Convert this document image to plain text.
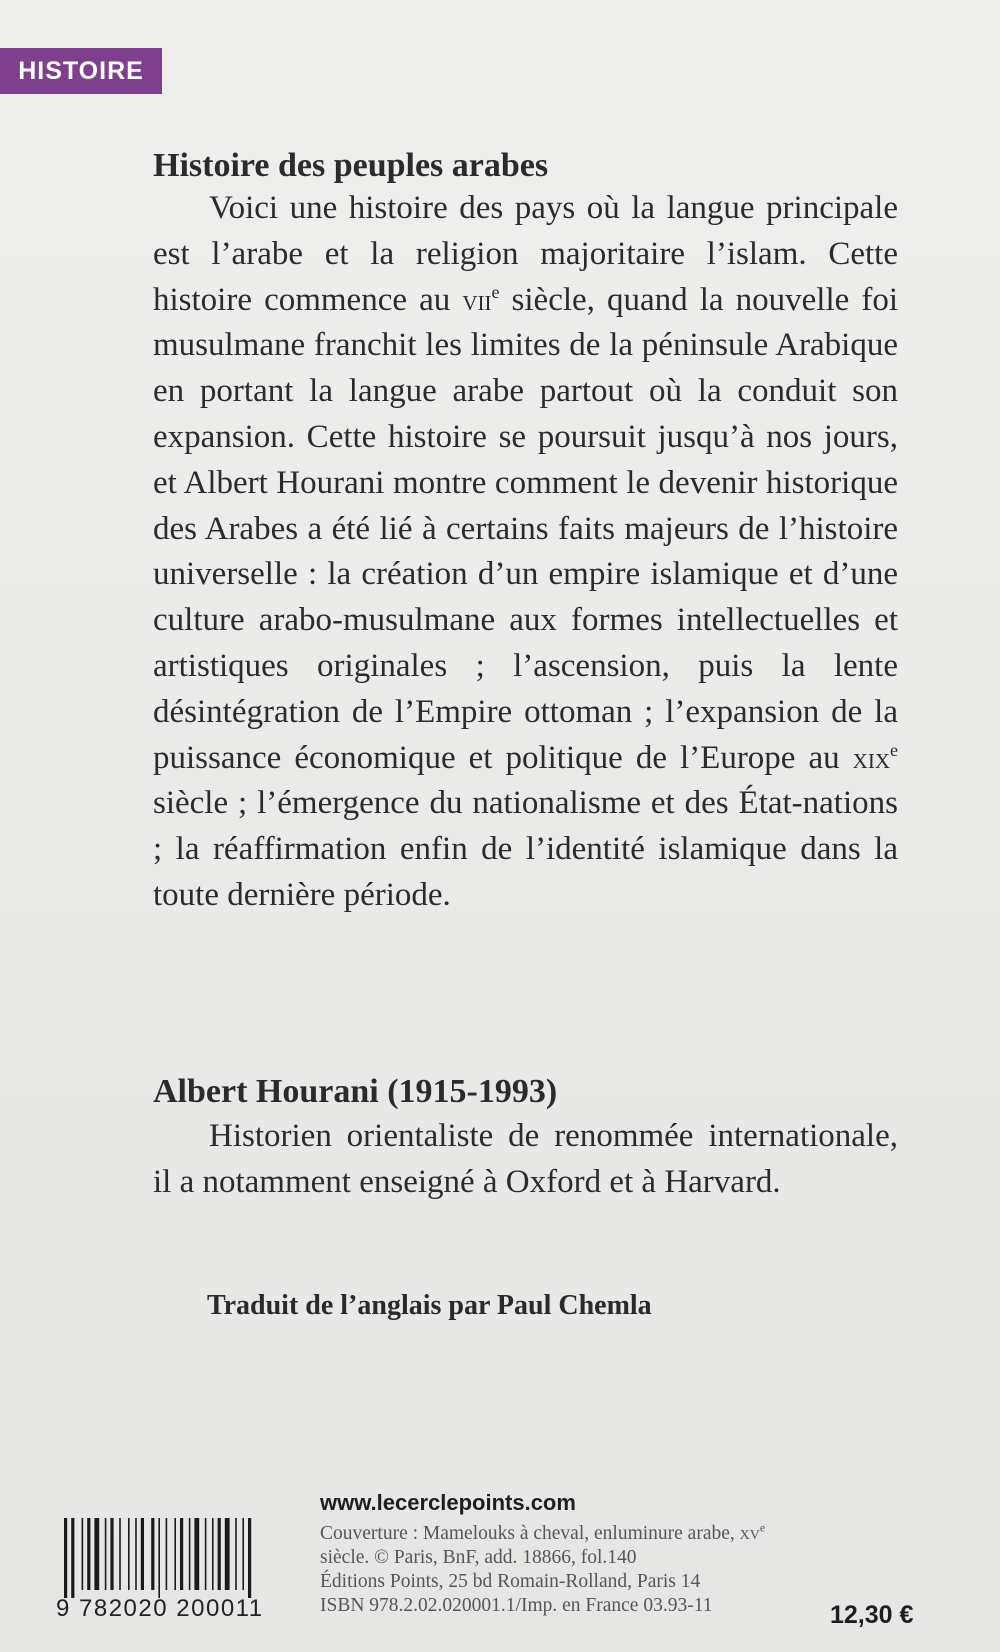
HISTOIRE
Histoire des peuples arabes

Voici une histoire des pays où la langue principale est l’arabe et la religion majoritaire l’islam. Cette histoire commence au vii$^e$ siècle, quand la nouvelle foi musulmane franchit les limites de la péninsule Arabique en portant la langue arabe partout où la conduit son expansion. Cette histoire se poursuit jusqu’à nos jours, et Albert Hourani montre comment le devenir historique des Arabes a été lié à certains faits majeurs de l’histoire universelle : la création d’un empire islamique et d’une culture arabo-musulmane aux formes intellectuelles et artistiques originales ; l’ascension, puis la lente désintégration de l’Empire ottoman ; l’expansion de la puissance économique et politique de l’Europe au xix$^e$ siècle ; l’émergence du nationalisme et des État-nations ; la réaffirmation enfin de l’identité islamique dans la toute dernière période.

Albert Hourani (1915-1993)

Historien orientaliste de renommée internationale, il a notamment enseigné à Oxford et à Harvard.

Traduit de l’anglais par Paul Chemla
www.lecerclepoints.com
Couverture : Mamelouks à cheval, enluminure arabe, $xv^e$ siècle. © Paris, BnF, add. 18866, fol.140
Éditions Points, 25 bd Romain-Rolland, Paris 14
ISBN 978.2.02.020001.1/Imp. en France 03.93-11
9 782020 200011	12,30 €
